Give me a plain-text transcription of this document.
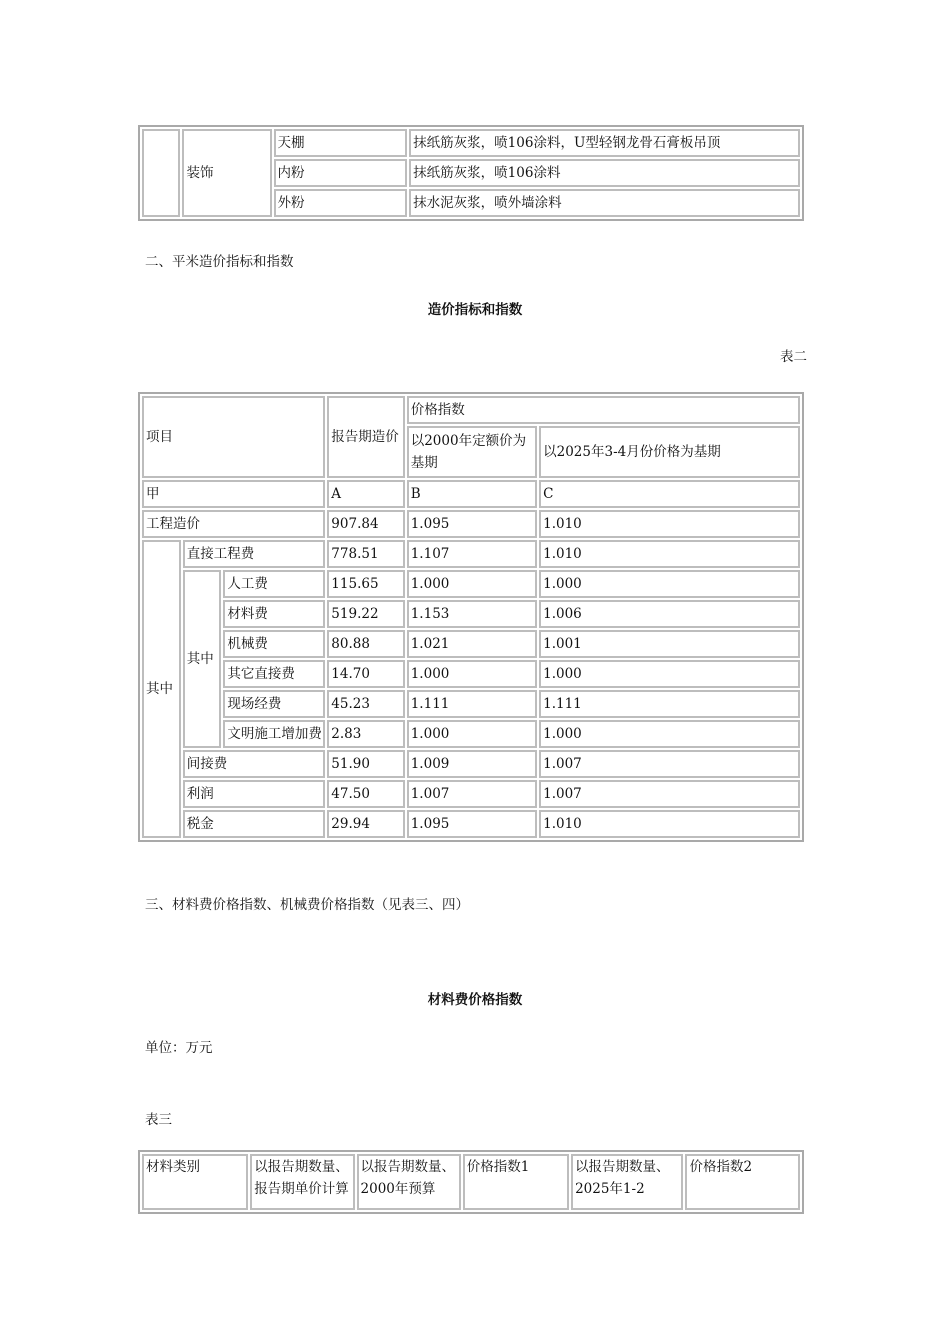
	装饰	天棚	抹纸筋灰浆，喷106涂料，U型轻钢龙骨石膏板吊顶
		内粉	抹纸筋灰浆，喷106涂料
		外粉	抹水泥灰浆，喷外墙涂料

二、平米造价指标和指数

造价指标和指数

表二

项目			报告期造价	价格指数	
				以2000年定额价为基期	以2025年3-4月份价格为基期
甲			A	B	C
工程造价			907.84	1.095	1.010
其中	直接工程费		778.51	1.107	1.010
	其中	人工费	115.65	1.000	1.000
		材料费	519.22	1.153	1.006
		机械费	80.88	1.021	1.001
		其它直接费	14.70	1.000	1.000
		现场经费	45.23	1.111	1.111
		文明施工增加费	2.83	1.000	1.000
	间接费		51.90	1.009	1.007
	利润		47.50	1.007	1.007
	税金		29.94	1.095	1.010

三、材料费价格指数、机械费价格指数（见表三、四）

材料费价格指数

单位：万元

表三

材料类别	以报告期数量、报告期单价计算	以报告期数量、2000年预算	价格指数1	以报告期数量、2025年1-2	价格指数2
